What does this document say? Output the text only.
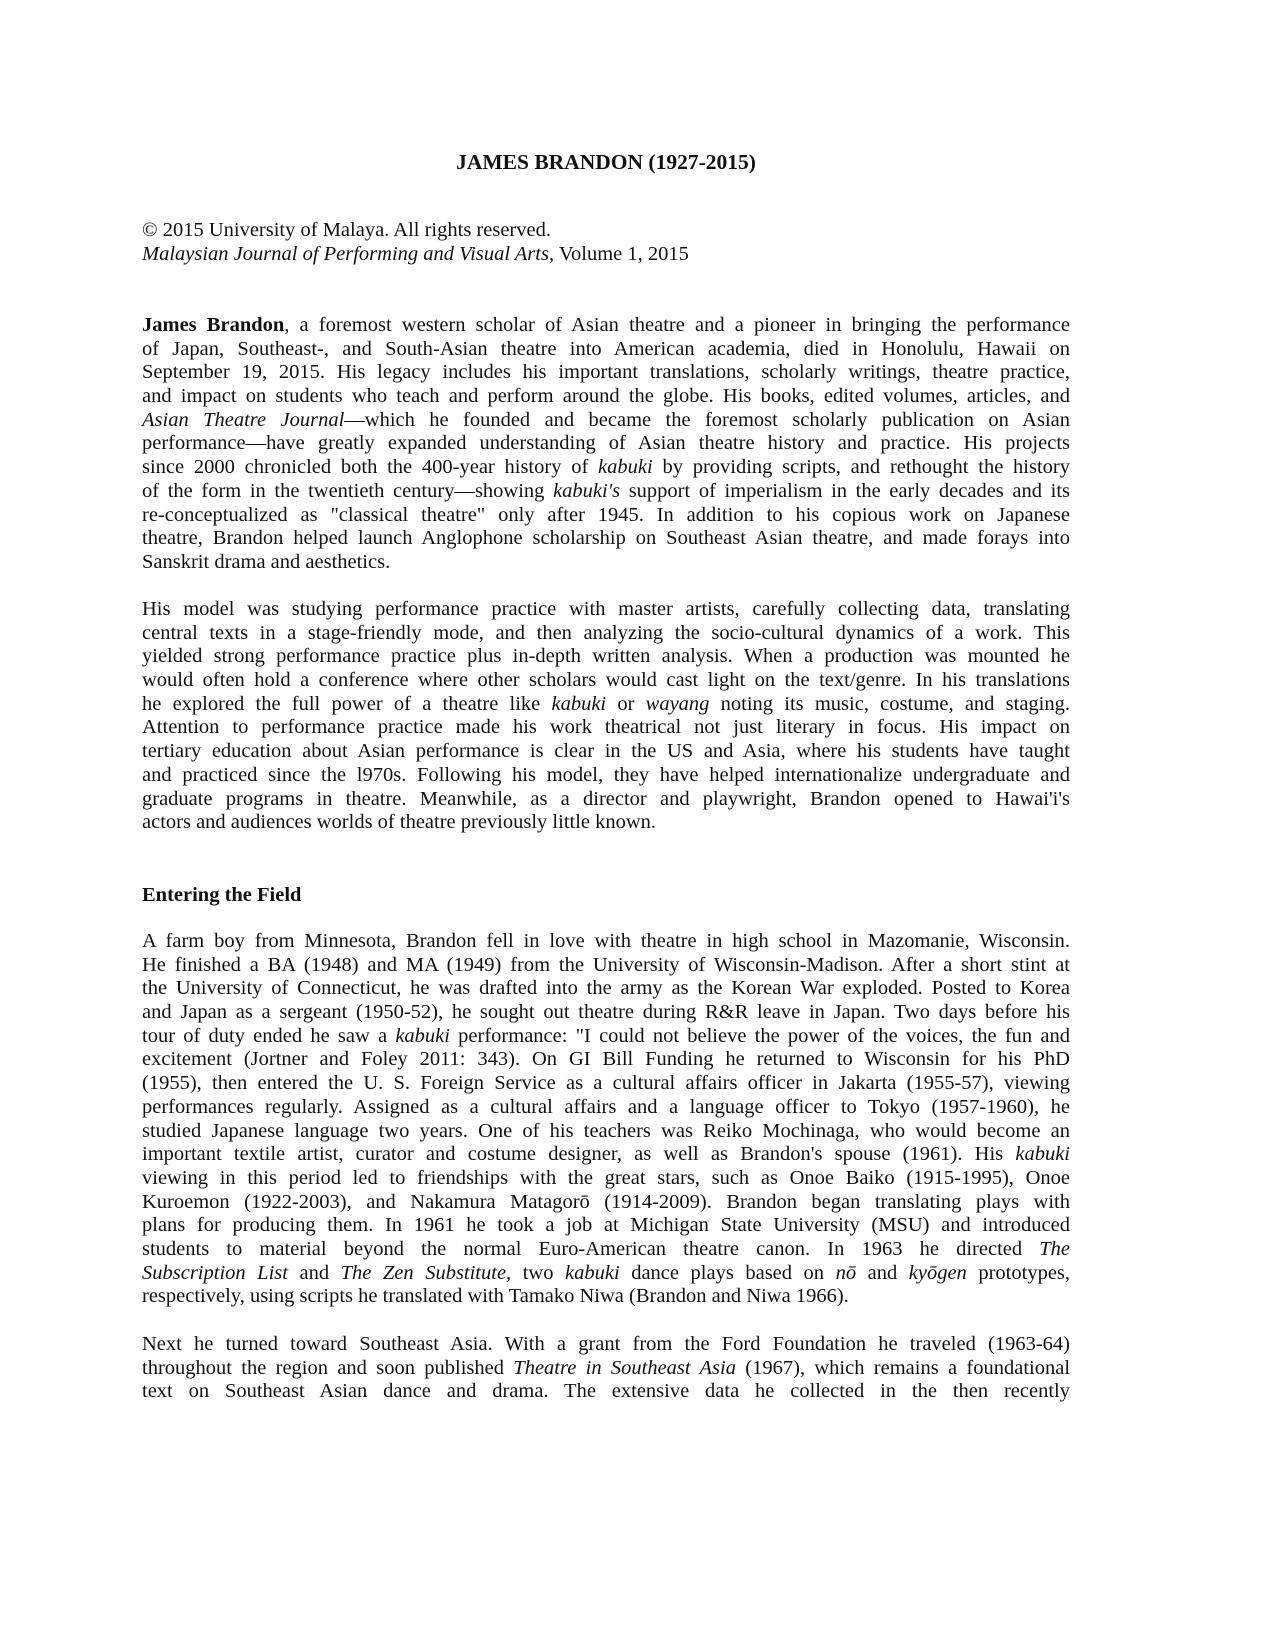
JAMES BRANDON (1927-2015)
© 2015 University of Malaya. All rights reserved.
Malaysian Journal of Performing and Visual Arts, Volume 1, 2015
James Brandon, a foremost western scholar of Asian theatre and a pioneer in bringing the performance
of Japan, Southeast-, and South-Asian theatre into American academia, died in Honolulu, Hawaii on
September 19, 2015. His legacy includes his important translations, scholarly writings, theatre practice,
and impact on students who teach and perform around the globe. His books, edited volumes, articles, and
Asian Theatre Journal—which he founded and became the foremost scholarly publication on Asian
performance—have greatly expanded understanding of Asian theatre history and practice. His projects
since 2000 chronicled both the 400-year history of kabuki by providing scripts, and rethought the history
of the form in the twentieth century—showing kabuki's support of imperialism in the early decades and its
re-conceptualized as "classical theatre" only after 1945. In addition to his copious work on Japanese
theatre, Brandon helped launch Anglophone scholarship on Southeast Asian theatre, and made forays into
Sanskrit drama and aesthetics.
His model was studying performance practice with master artists, carefully collecting data, translating
central texts in a stage-friendly mode, and then analyzing the socio-cultural dynamics of a work. This
yielded strong performance practice plus in-depth written analysis. When a production was mounted he
would often hold a conference where other scholars would cast light on the text/genre. In his translations
he explored the full power of a theatre like kabuki or wayang noting its music, costume, and staging.
Attention to performance practice made his work theatrical not just literary in focus. His impact on
tertiary education about Asian performance is clear in the US and Asia, where his students have taught
and practiced since the l970s. Following his model, they have helped internationalize undergraduate and
graduate programs in theatre. Meanwhile, as a director and playwright, Brandon opened to Hawai'i's
actors and audiences worlds of theatre previously little known.
Entering the Field
A farm boy from Minnesota, Brandon fell in love with theatre in high school in Mazomanie, Wisconsin.
He finished a BA (1948) and MA (1949) from the University of Wisconsin-Madison. After a short stint at
the University of Connecticut, he was drafted into the army as the Korean War exploded. Posted to Korea
and Japan as a sergeant (1950-52), he sought out theatre during R&R leave in Japan. Two days before his
tour of duty ended he saw a kabuki performance: "I could not believe the power of the voices, the fun and
excitement (Jortner and Foley 2011: 343). On GI Bill Funding he returned to Wisconsin for his PhD
(1955), then entered the U. S. Foreign Service as a cultural affairs officer in Jakarta (1955-57), viewing
performances regularly. Assigned as a cultural affairs and a language officer to Tokyo (1957-1960), he
studied Japanese language two years. One of his teachers was Reiko Mochinaga, who would become an
important textile artist, curator and costume designer, as well as Brandon's spouse (1961). His kabuki
viewing in this period led to friendships with the great stars, such as Onoe Baiko (1915-1995), Onoe
Kuroemon (1922-2003), and Nakamura Matagorō (1914-2009). Brandon began translating plays with
plans for producing them. In 1961 he took a job at Michigan State University (MSU) and introduced
students to material beyond the normal Euro-American theatre canon. In 1963 he directed The
Subscription List and The Zen Substitute, two kabuki dance plays based on nō and kyōgen prototypes,
respectively, using scripts he translated with Tamako Niwa (Brandon and Niwa 1966).
Next he turned toward Southeast Asia. With a grant from the Ford Foundation he traveled (1963-64)
throughout the region and soon published Theatre in Southeast Asia (1967), which remains a foundational
text on Southeast Asian dance and drama. The extensive data he collected in the then recently
